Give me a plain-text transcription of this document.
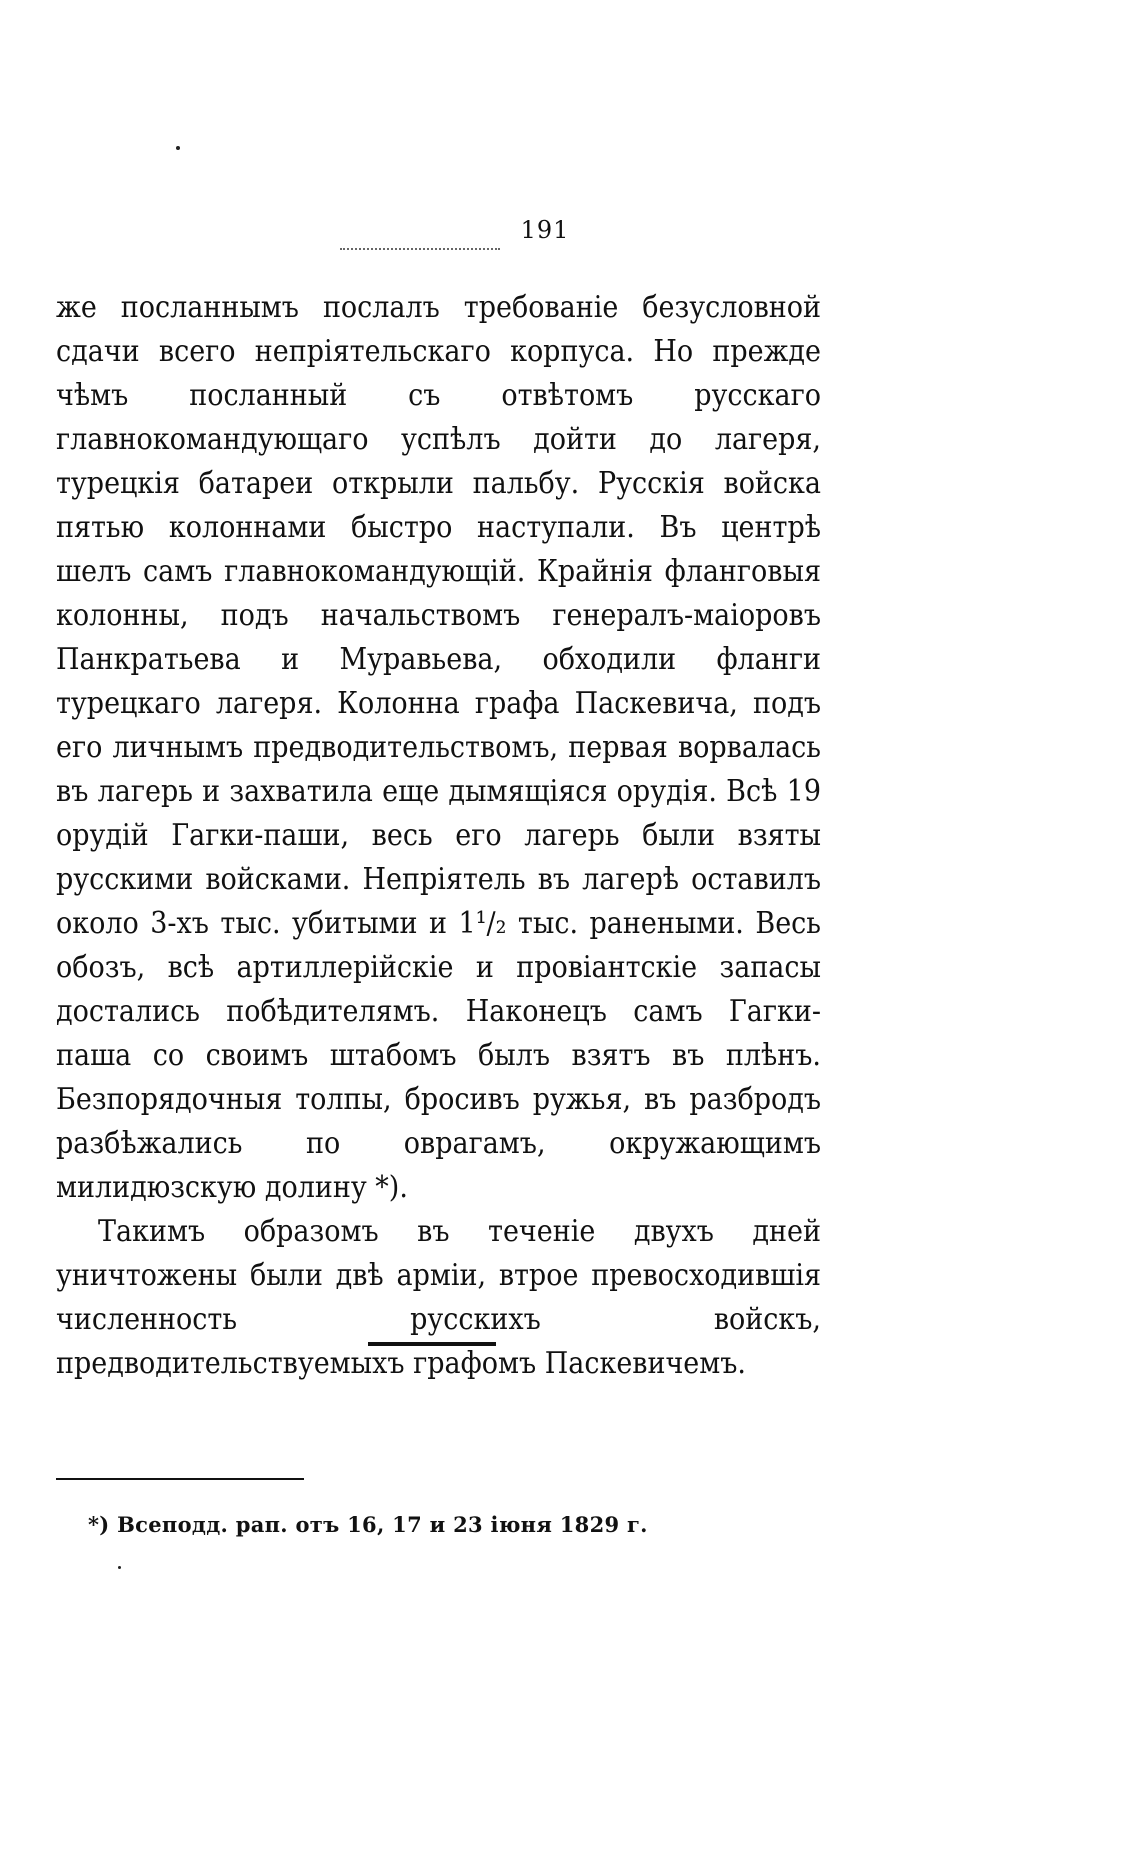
191

же посланнымъ послалъ требованіе безусловной сдачи всего непріятельскаго корпуса. Но прежде чѣмъ посланный съ отвѣтомъ русскаго главнокомандующаго успѣлъ дойти до лагеря, турецкія батареи открыли пальбу. Русскія войска пятью колоннами быстро наступали. Въ центрѣ шелъ самъ главнокомандующій. Крайнія фланговыя колонны, подъ начальствомъ генералъ-маіоровъ Панкратьева и Муравьева, обходили фланги турецкаго лагеря. Колонна графа Паскевича, подъ его личнымъ предводительствомъ, первая ворвалась въ лагерь и захватила еще дымящіяся орудія. Всѣ 19 орудій Гагки-паши, весь его лагерь были взяты русскими войсками. Непріятель въ лагерѣ оставилъ около 3-хъ тыс. убитыми и 1¹/₂ тыс. ранеными. Весь обозъ, всѣ артиллерійскіе и провіантскіе запасы достались побѣдителямъ. Наконецъ самъ Гагки-паша со своимъ штабомъ былъ взятъ въ плѣнъ. Безпорядочныя толпы, бросивъ ружья, въ разбродъ разбѣжались по оврагамъ, окружающимъ милидюзскую долину *).

Такимъ образомъ въ теченіе двухъ дней уничтожены были двѣ арміи, втрое превосходившія численность русскихъ войскъ, предводительствуемыхъ графомъ Паскевичемъ.

*) Всеподд. рап. отъ 16, 17 и 23 іюня 1829 г.
